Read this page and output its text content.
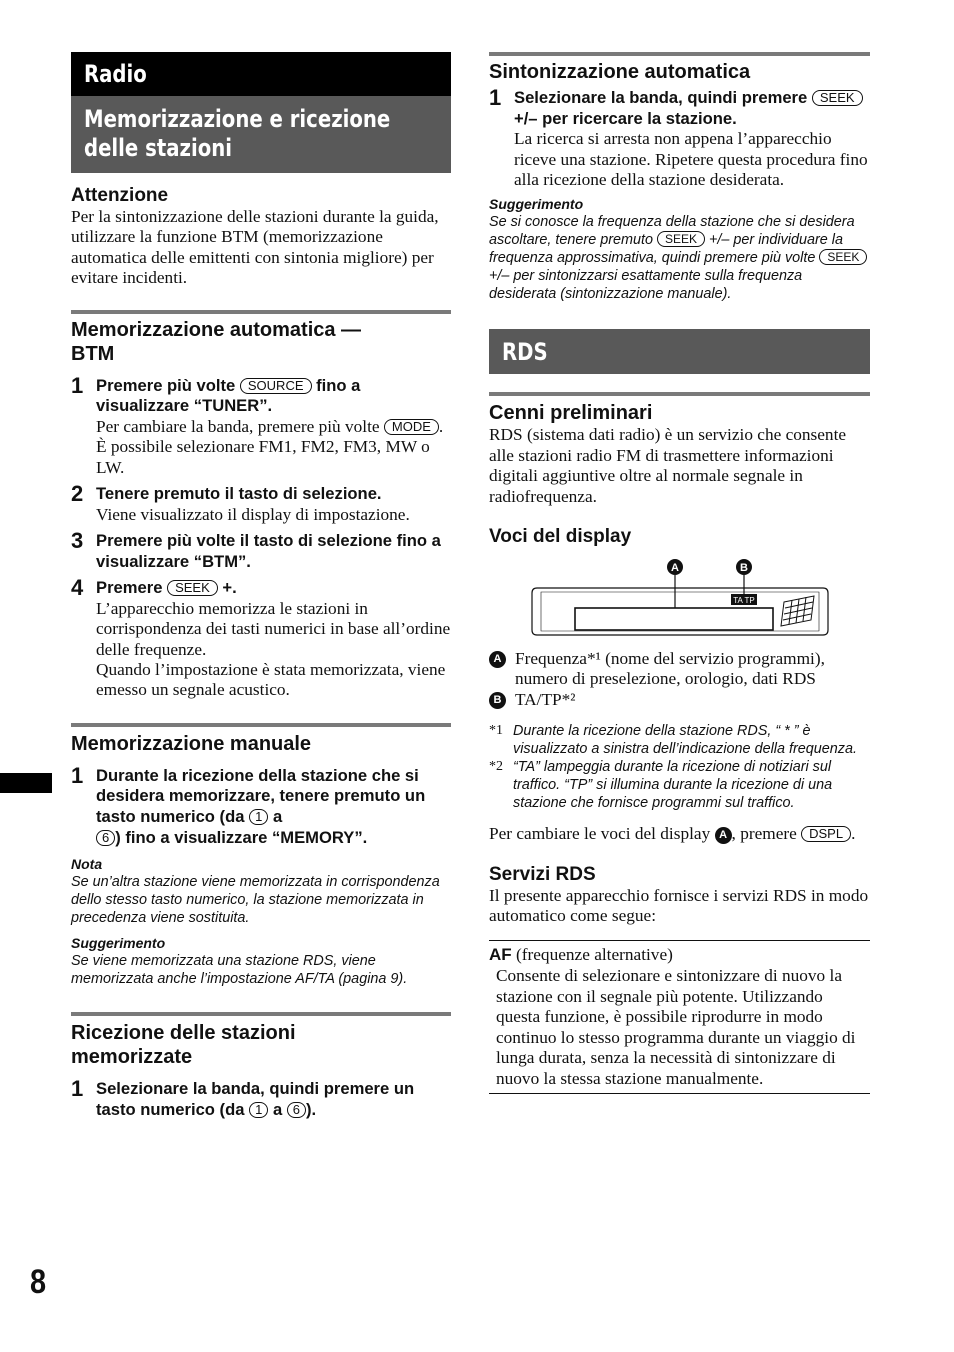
Radio
Memorizzazione e ricezione delle stazioni
Attenzione

Per la sintonizzazione delle stazioni durante la guida, utilizzare la funzione BTM (memorizzazione automatica delle emittenti con sintonia migliore) per evitare incidenti.

Memorizzazione automatica — BTM
1 Premere più volte SOURCE fino a visualizzare “TUNER”.
Per cambiare la banda, premere più volte MODE . È possibile selezionare FM1, FM2, FM3, MW o LW.
2 Tenere premuto il tasto di selezione.
Viene visualizzato il display di impostazione.
3 Premere più volte il tasto di selezione fino a visualizzare “BTM”.
4 Premere SEEK +.
L’apparecchio memorizza le stazioni in corrispondenza dei tasti numerici in base all’ordine delle frequenze.
Quando l’impostazione è stata memorizzata, viene emesso un segnale acustico.
Memorizzazione manuale
1 Durante la ricezione della stazione che si desidera memorizzare, tenere premuto un tasto numerico (da 1 a
6 ) fino a visualizzare “MEMORY”.
Nota
Se un’altra stazione viene memorizzata in corrispondenza dello stesso tasto numerico, la stazione memorizzata in precedenza viene sostituita.
Suggerimento
Se viene memorizzata una stazione RDS, viene memorizzata anche l’impostazione AF/TA (pagina 9).
Ricezione delle stazioni memorizzate
1 Selezionare la banda, quindi premere un tasto numerico (da 1 a 6 ).
Sintonizzazione automatica
1 Selezionare la banda, quindi premere SEEK +/– per ricercare la stazione.
La ricerca si arresta non appena l’apparecchio riceve una stazione. Ripetere questa procedura fino alla ricezione della stazione desiderata.
Suggerimento
Se si conosce la frequenza della stazione che si desidera ascoltare, tenere premuto SEEK +/– per individuare la frequenza approssimativa, quindi premere più volte SEEK +/– per sintonizzarsi esattamente sulla frequenza desiderata (sintonizzazione manuale).
RDS
Cenni preliminari

RDS (sistema dati radio) è un servizio che consente alle stazioni radio FM di trasmettere informazioni digitali aggiuntive oltre al normale segnale in radiofrequenza.

Voci del display
A	B
TA TP
A Frequenza*¹ (nome del servizio programmi), numero di preselezione, orologio, dati RDS
B TA/TP*²
*1 Durante la ricezione della stazione RDS, “ * ” è visualizzato a sinistra dell’indicazione della frequenza.
*2 “TA” lampeggia durante la ricezione di notiziari sul traffico. “TP” si illumina durante la ricezione di una stazione che fornisce programmi sul traffico.

Per cambiare le voci del display A , premere DSPL .

Servizi RDS

Il presente apparecchio fornisce i servizi RDS in modo automatico come segue:

AF (frequenze alternative)
Consente di selezionare e sintonizzare di nuovo la stazione con il segnale più potente. Utilizzando questa funzione, è possibile riprodurre in modo continuo lo stesso programma durante un viaggio di lunga durata, senza la necessità di sintonizzare di nuovo la stessa stazione manualmente.
8
